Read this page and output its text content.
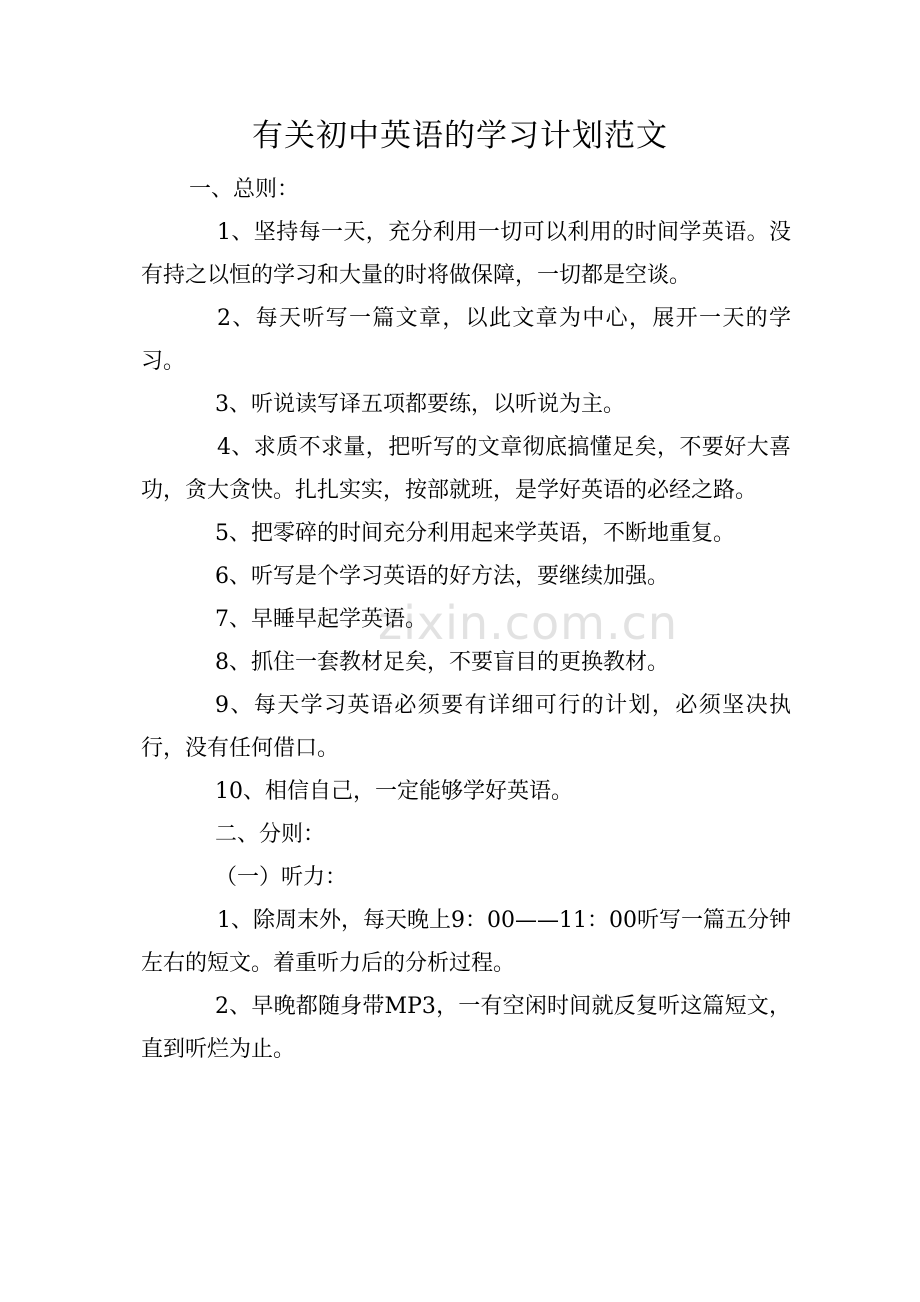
zixin.com.cn
有关初中英语的学习计划范文

一、总则：

1、坚持每一天，充分利用一切可以利用的时间学英语。没有持之以恒的学习和大量的时将做保障，一切都是空谈。

2、每天听写一篇文章，以此文章为中心，展开一天的学习。

3、听说读写译五项都要练，以听说为主。

4、求质不求量，把听写的文章彻底搞懂足矣，不要好大喜功，贪大贪快。扎扎实实，按部就班，是学好英语的必经之路。

5、把零碎的时间充分利用起来学英语，不断地重复。

6、听写是个学习英语的好方法，要继续加强。

7、早睡早起学英语。

8、抓住一套教材足矣，不要盲目的更换教材。

9、每天学习英语必须要有详细可行的计划，必须坚决执行，没有任何借口。

10、相信自己，一定能够学好英语。

二、分则：

（一）听力：

1、除周末外，每天晚上9：00——11：00听写一篇五分钟左右的短文。着重听力后的分析过程。

2、早晚都随身带MP3，一有空闲时间就反复听这篇短文，直到听烂为止。
